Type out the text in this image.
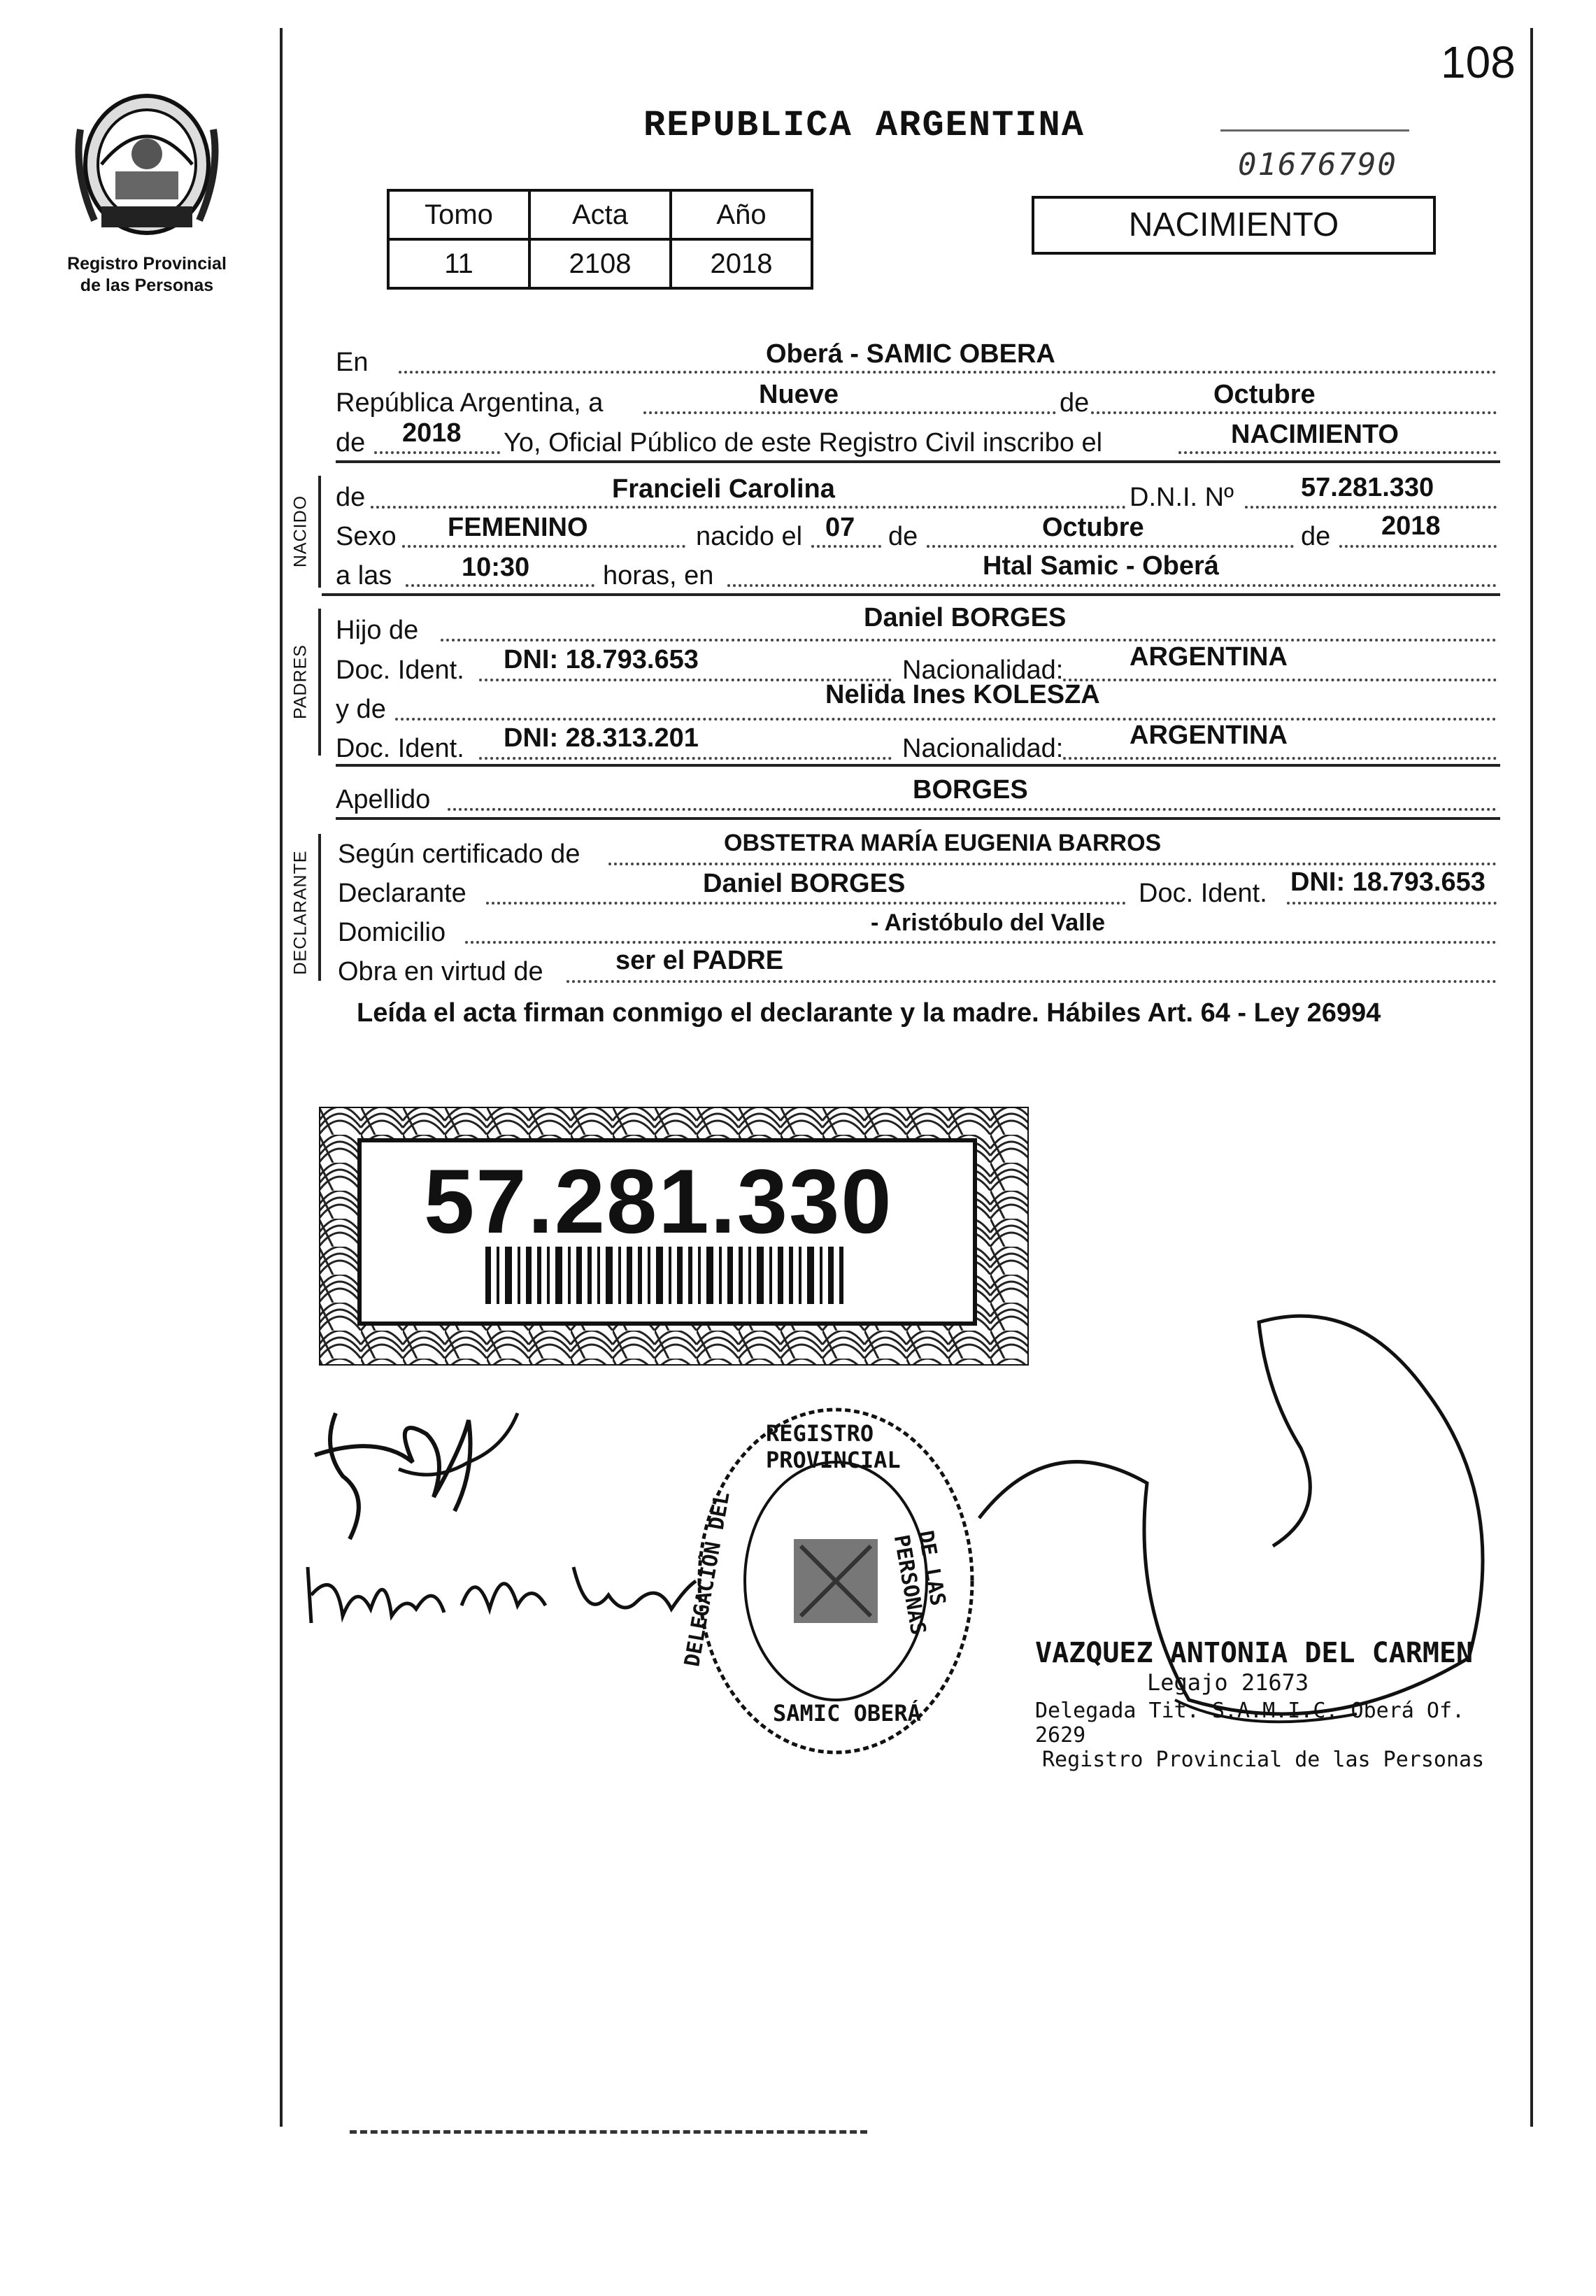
108
01676790
Registro Provincial
de las Personas
REPUBLICA ARGENTINA
Tomo	Acta	Año
11	2108	2018
NACIMIENTO
En	Oberá - SAMIC OBERA
República Argentina, a	Nueve	de	Octubre
de 2018 Yo, Oficial Público de este Registro Civil inscribo el	NACIMIENTO
NACIDO de	Francieli Carolina	D.N.I. Nº	57.281.330
Sexo FEMENINO	nacido el 07 de	Octubre	de 2018
a las	10:30	horas, en	Htal Samic - Oberá
PADRES
Hijo de	Daniel BORGES
Doc. Ident. DNI: 18.793.653	Nacionalidad: ARGENTINA
y de	Nelida Ines KOLESZA
Doc. Ident. DNI: 28.313.201	Nacionalidad: ARGENTINA
Apellido	BORGES
DECLARANTE Según certificado de	OBSTETRA MARÍA EUGENIA BARROS
Declarante	Daniel BORGES	Doc. Ident. DNI: 18.793.653
Domicilio	- Aristóbulo del Valle
Obra en virtud de	ser el PADRE
Leída el acta firman conmigo el declarante y la madre. Hábiles Art. 64 - Ley 26994
57.281.330
REGISTRO PROVINCIAL
DELEGACIÓN DEL	DE LAS PERSONAS
SAMIC OBERÁ
VAZQUEZ ANTONIA DEL CARMEN
Legajo 21673
Delegada Tit. S.A.M.I.C. Oberá Of. 2629
Registro Provincial de las Personas
